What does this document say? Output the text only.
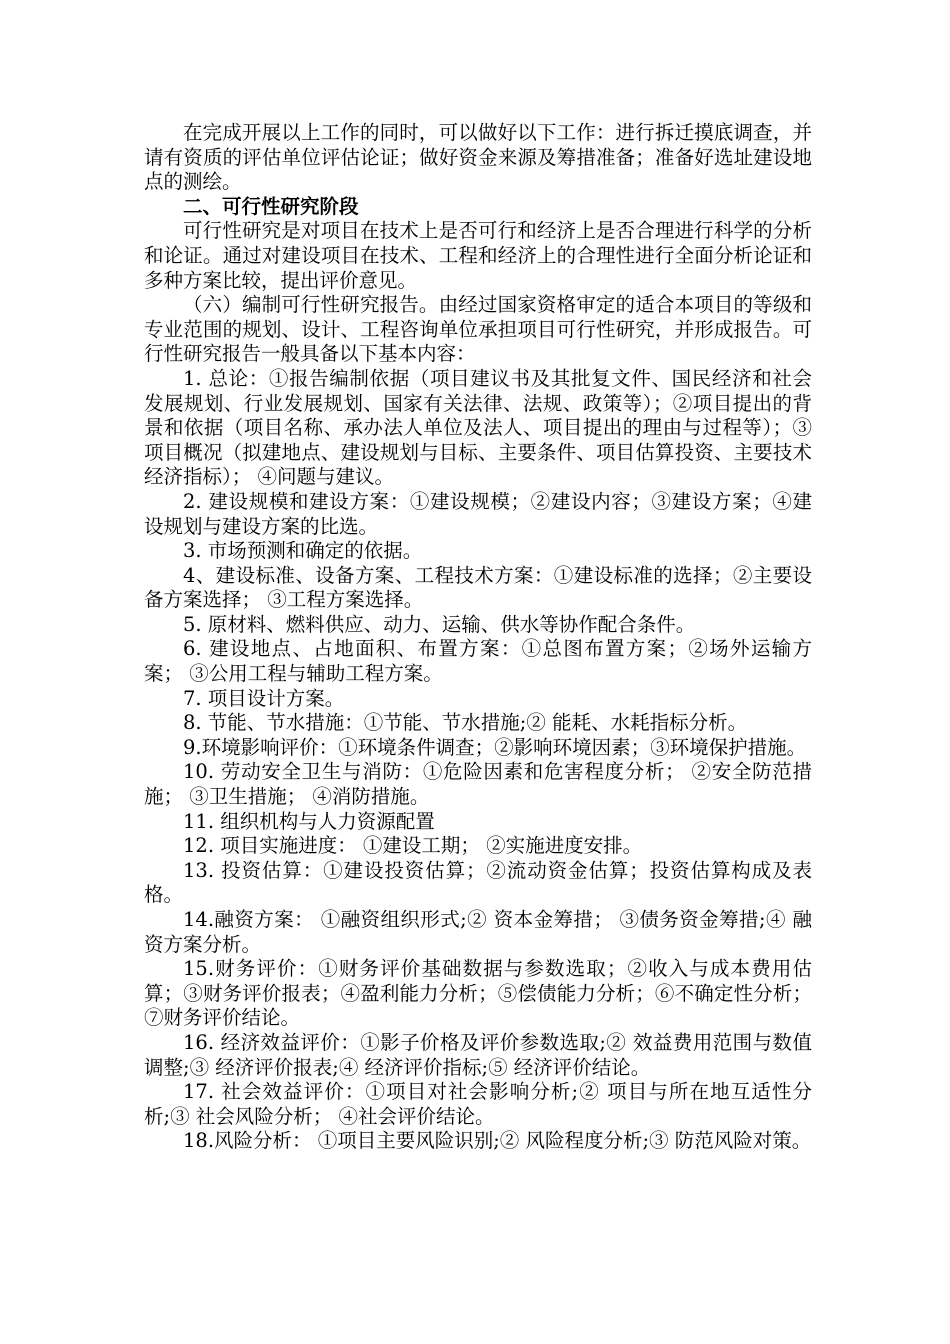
在完成开展以上工作的同时，可以做好以下工作：进行拆迁摸底调查，并请有资质的评估单位评估论证；做好资金来源及筹措准备；准备好选址建设地点的测绘。

二、可行性研究阶段

可行性研究是对项目在技术上是否可行和经济上是否合理进行科学的分析和论证。通过对建设项目在技术、工程和经济上的合理性进行全面分析论证和多种方案比较，提出评价意见。

（六）编制可行性研究报告。由经过国家资格审定的适合本项目的等级和专业范围的规划、设计、工程咨询单位承担项目可行性研究，并形成报告。可行性研究报告一般具备以下基本内容：

1. 总论：①报告编制依据（项目建议书及其批复文件、国民经济和社会发展规划、行业发展规划、国家有关法律、法规、政策等）；②项目提出的背景和依据（项目名称、承办法人单位及法人、项目提出的理由与过程等）；③项目概况（拟建地点、建设规划与目标、主要条件、项目估算投资、主要技术经济指标）； ④问题与建议。

2. 建设规模和建设方案：①建设规模；②建设内容；③建设方案；④建设规划与建设方案的比选。

3. 市场预测和确定的依据。

4、建设标准、设备方案、工程技术方案：①建设标准的选择；②主要设备方案选择； ③工程方案选择。

5. 原材料、燃料供应、动力、运输、供水等协作配合条件。

6. 建设地点、占地面积、布置方案：①总图布置方案；②场外运输方案； ③公用工程与辅助工程方案。

7. 项目设计方案。

8. 节能、节水措施：①节能、节水措施;② 能耗、水耗指标分析。

9.环境影响评价：①环境条件调查；②影响环境因素；③环境保护措施。

10. 劳动安全卫生与消防：①危险因素和危害程度分析； ②安全防范措施； ③卫生措施； ④消防措施。

11. 组织机构与人力资源配置

12. 项目实施进度： ①建设工期； ②实施进度安排。

13. 投资估算：①建设投资估算；②流动资金估算；投资估算构成及表格。

14.融资方案： ①融资组织形式;② 资本金筹措； ③债务资金筹措;④ 融资方案分析。

15.财务评价：①财务评价基础数据与参数选取；②收入与成本费用估算；③财务评价报表；④盈利能力分析；⑤偿债能力分析；⑥不确定性分析； ⑦财务评价结论。

16. 经济效益评价：①影子价格及评价参数选取;② 效益费用范围与数值调整;③ 经济评价报表;④ 经济评价指标;⑤ 经济评价结论。

17. 社会效益评价：①项目对社会影响分析;② 项目与所在地互适性分析;③ 社会风险分析； ④社会评价结论。

18.风险分析： ①项目主要风险识别;② 风险程度分析;③ 防范风险对策。
